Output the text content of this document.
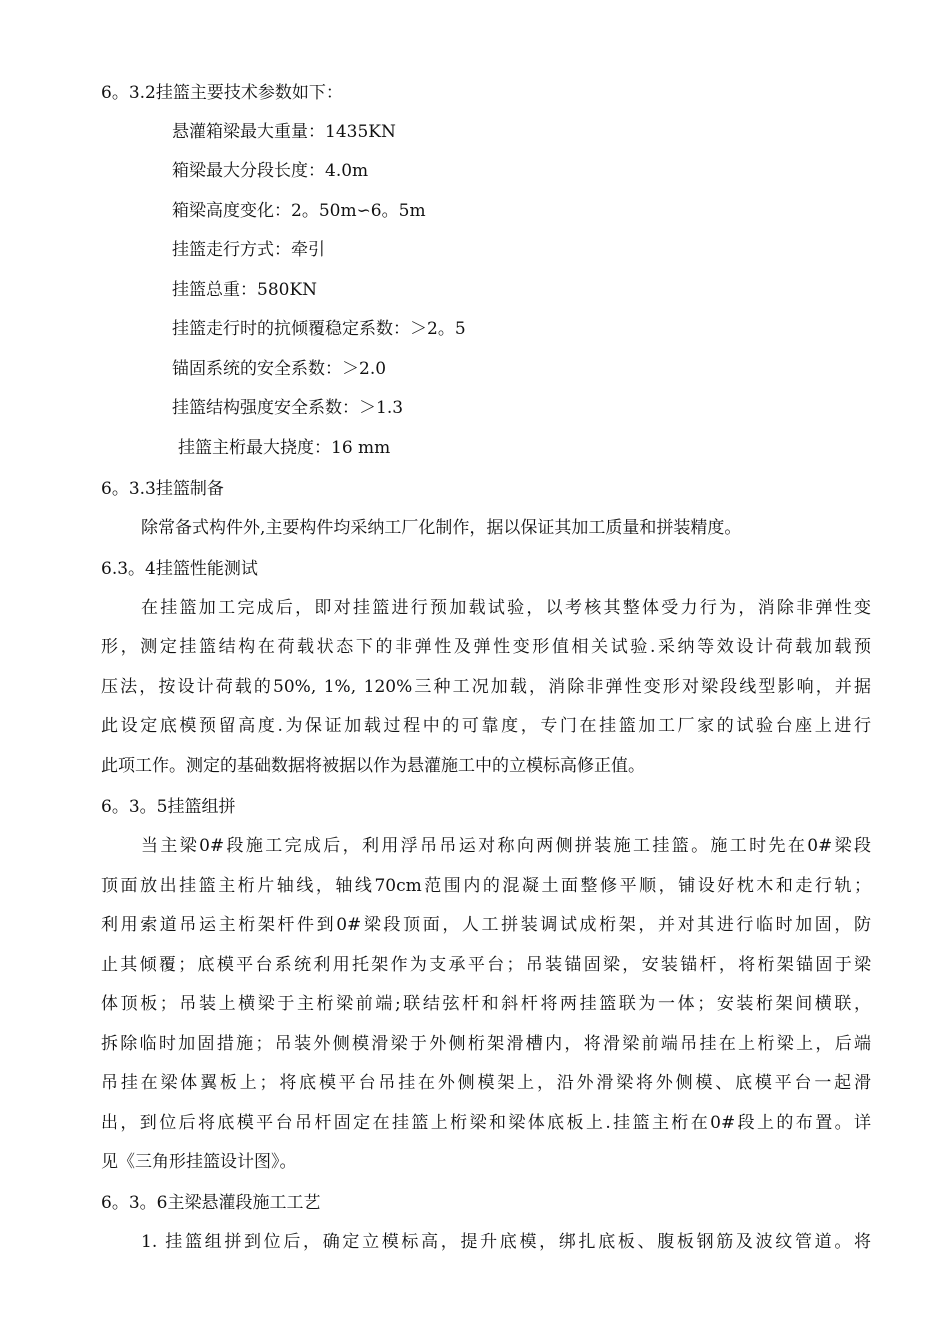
6。3.2挂篮主要技术参数如下：
悬灌箱梁最大重量：1435KN
箱梁最大分段长度：4.0m
箱梁高度变化：2。50m∽6。5m
挂篮走行方式：牵引
挂篮总重：580KN
挂篮走行时的抗倾覆稳定系数：＞2。5
锚固系统的安全系数：＞2.0
挂篮结构强度安全系数：＞1.3
挂篮主桁最大挠度：16 mm
6。3.3挂篮制备
除常备式构件外,主要构件均采纳工厂化制作，据以保证其加工质量和拼装精度。
6.3。4挂篮性能测试
在挂篮加工完成后，即对挂篮进行预加载试验，以考核其整体受力行为，消除非弹性变
形，测定挂篮结构在荷载状态下的非弹性及弹性变形值相关试验.采纳等效设计荷载加载预
压法，按设计荷载的50%, 1%, 120%三种工况加载，消除非弹性变形对梁段线型影响，并据
此设定底模预留高度.为保证加载过程中的可靠度，专门在挂篮加工厂家的试验台座上进行
此项工作。测定的基础数据将被据以作为悬灌施工中的立模标高修正值。
6。3。5挂篮组拼
当主梁0#段施工完成后，利用浮吊吊运对称向两侧拼装施工挂篮。施工时先在0#梁段
顶面放出挂篮主桁片轴线，轴线70cm范围内的混凝土面整修平顺，铺设好枕木和走行轨；
利用索道吊运主桁架杆件到0#梁段顶面，人工拼装调试成桁架，并对其进行临时加固，防
止其倾覆；底模平台系统利用托架作为支承平台；吊装锚固梁，安装锚杆，将桁架锚固于梁
体顶板；吊装上横梁于主桁梁前端;联结弦杆和斜杆将两挂篮联为一体；安装桁架间横联，
拆除临时加固措施；吊装外侧模滑梁于外侧桁架滑槽内，将滑梁前端吊挂在上桁梁上，后端
吊挂在梁体翼板上；将底模平台吊挂在外侧模架上，沿外滑梁将外侧模、底模平台一起滑
出，到位后将底模平台吊杆固定在挂篮上桁梁和梁体底板上.挂篮主桁在0#段上的布置。详
见《三角形挂篮设计图》。
6。3。6主梁悬灌段施工工艺
1. 挂篮组拼到位后，确定立模标高，提升底模，绑扎底板、腹板钢筋及波纹管道。将
